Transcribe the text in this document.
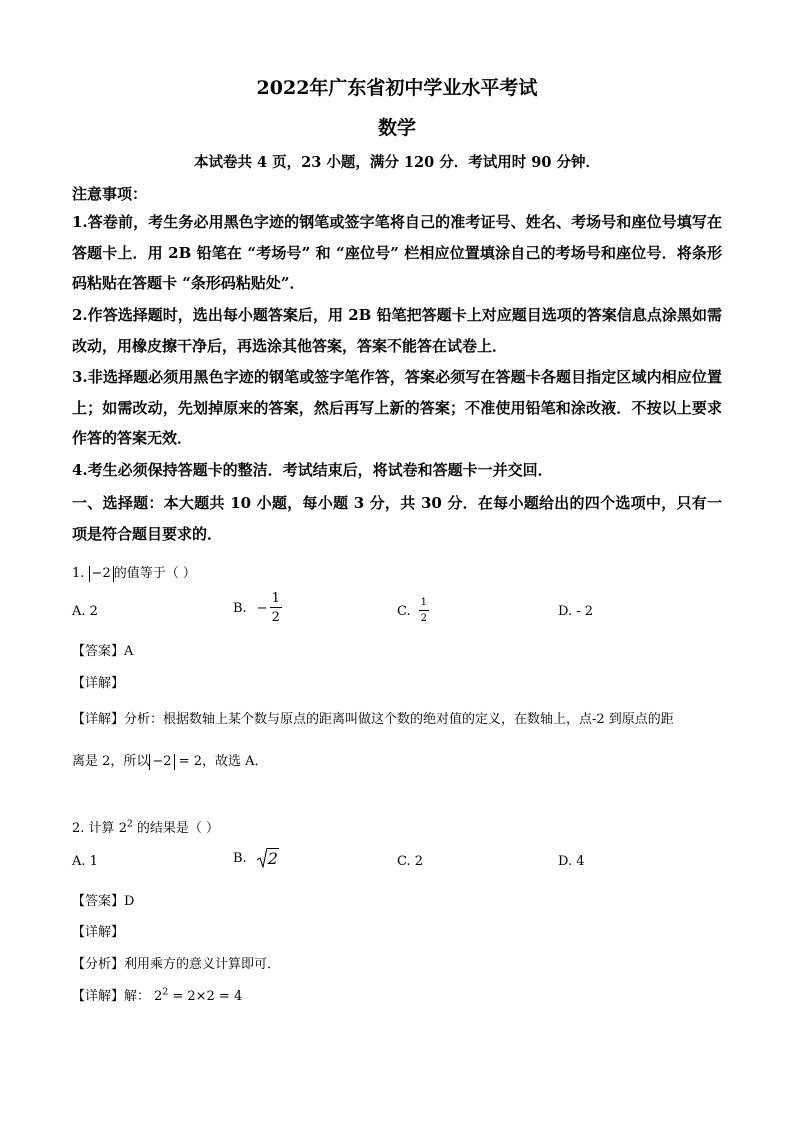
2022年广东省初中学业水平考试
数学
本试卷共 4 页，23 小题，满分 120 分．考试用时 90 分钟．
注意事项：
1.答卷前，考生务必用黑色字迹的钢笔或签字笔将自己的准考证号、姓名、考场号和座位号填写在答题卡上．用 2B 铅笔在 “考场号” 和 “座位号” 栏相应位置填涂自己的考场号和座位号．将条形码粘贴在答题卡 “条形码粘贴处”．
2.作答选择题时，选出每小题答案后，用 2B 铅笔把答题卡上对应题目选项的答案信息点涂黑如需改动，用橡皮擦干净后，再选涂其他答案，答案不能答在试卷上．
3.非选择题必须用黑色字迹的钢笔或签字笔作答，答案必须写在答题卡各题目指定区域内相应位置上；如需改动，先划掉原来的答案，然后再写上新的答案；不准使用铅笔和涂改液．不按以上要求作答的答案无效．
4.考生必须保持答题卡的整洁．考试结束后，将试卷和答题卡一并交回．
一、选择题：本大题共 10 小题，每小题 3 分，共 30 分．在每小题给出的四个选项中，只有一项是符合题目要求的．
1. −2 的值等于（ ）
A. 2	B. − $\frac{1}{2}$	C. $\frac{1}{2}$	D. - 2
【答案】A
【详解】
【详解】分析：根据数轴上某个数与原点的距离叫做这个数的绝对值的定义，在数轴上，点-2 到原点的距
离是 2，所以 −2 = 2，故选 A．
2. 计算 $2^2$ 的结果是（ ）
A. 1	B. 2	C. 2	D. 4
【答案】D
【详解】
【分析】利用乘方的意义计算即可．
【详解】解： $2^2 = 2\times 2 = 4$
